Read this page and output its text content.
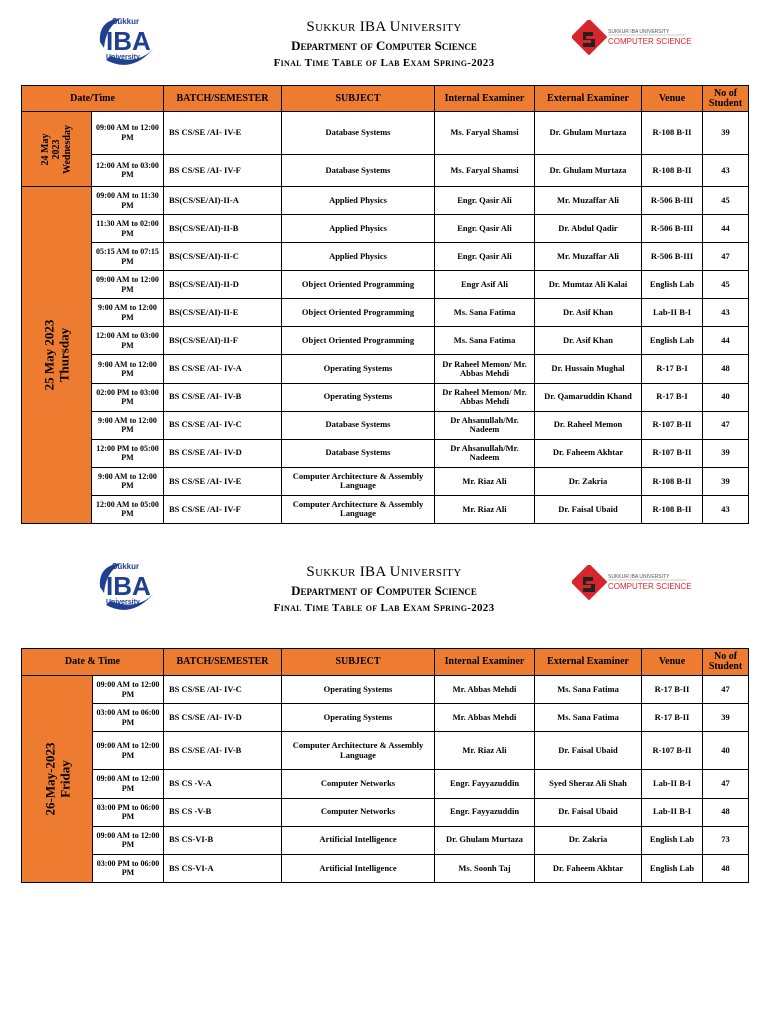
Sukkur
IBA
University
Sukkur IBA University
Department of Computer Science
Final Time Table of Lab Exam Spring-2023
SUKKUR IBA UNIVERSITY
COMPUTER SCIENCE
Date/Time		BATCH/SEMESTER	SUBJECT	Internal Examiner	External Examiner	Venue	No of Student

24 May 2023 Wednesday	09:00 AM to 12:00 PM	BS CS/SE /AI- IV-E	Database Systems	Ms. Faryal Shamsi	Dr. Ghulam Murtaza	R-108 B-II	39
	12:00 AM to 03:00 PM	BS CS/SE /AI- IV-F	Database Systems	Ms. Faryal Shamsi	Dr. Ghulam Murtaza	R-108 B-II	43

25 May 2023 Thursday	09:00 AM to 11:30 PM	BS(CS/SE/AI)-II-A	Applied Physics	Engr. Qasir Ali	Mr. Muzaffar Ali	R-506 B-III	45
	11:30 AM to 02:00 PM	BS(CS/SE/AI)-II-B	Applied Physics	Engr. Qasir Ali	Dr. Abdul Qadir	R-506 B-III	44
	05:15 AM to 07:15 PM	BS(CS/SE/AI)-II-C	Applied Physics	Engr. Qasir Ali	Mr. Muzaffar Ali	R-506 B-III	47
	09:00 AM to 12:00 PM	BS(CS/SE/AI)-II-D	Object Oriented Programming	Engr Asif Ali	Dr. Mumtaz Ali Kalai	English Lab	45
	9:00 AM to 12:00 PM	BS(CS/SE/AI)-II-E	Object Oriented Programming	Ms. Sana Fatima	Dr. Asif Khan	Lab-II B-I	43
	12:00 AM to 03:00 PM	BS(CS/SE/AI)-II-F	Object Oriented Programming	Ms. Sana Fatima	Dr. Asif Khan	English Lab	44
	9:00 AM to 12:00 PM	BS CS/SE /AI- IV-A	Operating Systems	Dr Raheel Memon/ Mr. Abbas Mehdi	Dr. Hussain Mughal	R-17 B-I	48
	02:00 PM to 03:00 PM	BS CS/SE /AI- IV-B	Operating Systems	Dr Raheel Memon/ Mr. Abbas Mehdi	Dr. Qamaruddin Khand	R-17 B-I	40
	9:00 AM to 12:00 PM	BS CS/SE /AI- IV-C	Database Systems	Dr Ahsanullah/Mr. Nadeem	Dr. Raheel Memon	R-107 B-II	47
	12:00 PM to 05:00 PM	BS CS/SE /AI- IV-D	Database Systems	Dr Ahsanullah/Mr. Nadeem	Dr. Faheem Akhtar	R-107 B-II	39
	9:00 AM to 12:00 PM	BS CS/SE /AI- IV-E	Computer Architecture & Assembly Language	Mr. Riaz Ali	Dr. Zakria	R-108 B-II	39
	12:00 AM to 05:00 PM	BS CS/SE /AI- IV-F	Computer Architecture & Assembly Language	Mr. Riaz Ali	Dr. Faisal Ubaid	R-108 B-II	43
Sukkur
IBA
University
Sukkur IBA University
Department of Computer Science
Final Time Table of Lab Exam Spring-2023
SUKKUR IBA UNIVERSITY
COMPUTER SCIENCE
Date & Time		BATCH/SEMESTER	SUBJECT	Internal Examiner	External Examiner	Venue	No of Student

26-May-2023 Friday	09:00 AM to 12:00 PM	BS CS/SE /AI- IV-C	Operating Systems	Mr. Abbas Mehdi	Ms. Sana Fatima	R-17 B-II	47
	03:00 AM to 06:00 PM	BS CS/SE /AI- IV-D	Operating Systems	Mr. Abbas Mehdi	Ms. Sana Fatima	R-17 B-II	39
	09:00 AM to 12:00 PM	BS CS/SE /AI- IV-B	Computer Architecture & Assembly Language	Mr. Riaz Ali	Dr. Faisal Ubaid	R-107 B-II	40
	09:00 AM to 12:00 PM	BS CS -V-A	Computer Networks	Engr. Fayyazuddin	Syed Sheraz Ali Shah	Lab-II B-I	47
	03:00 PM to 06:00 PM	BS CS -V-B	Computer Networks	Engr. Fayyazuddin	Dr. Faisal Ubaid	Lab-II B-I	48
	09:00 AM to 12:00 PM	BS CS-VI-B	Artificial Intelligence	Dr. Ghulam Murtaza	Dr. Zakria	English Lab	73
	03:00 PM to 06:00 PM	BS CS-VI-A	Artificial Intelligence	Ms. Soonh Taj	Dr. Faheem Akhtar	English Lab	48
